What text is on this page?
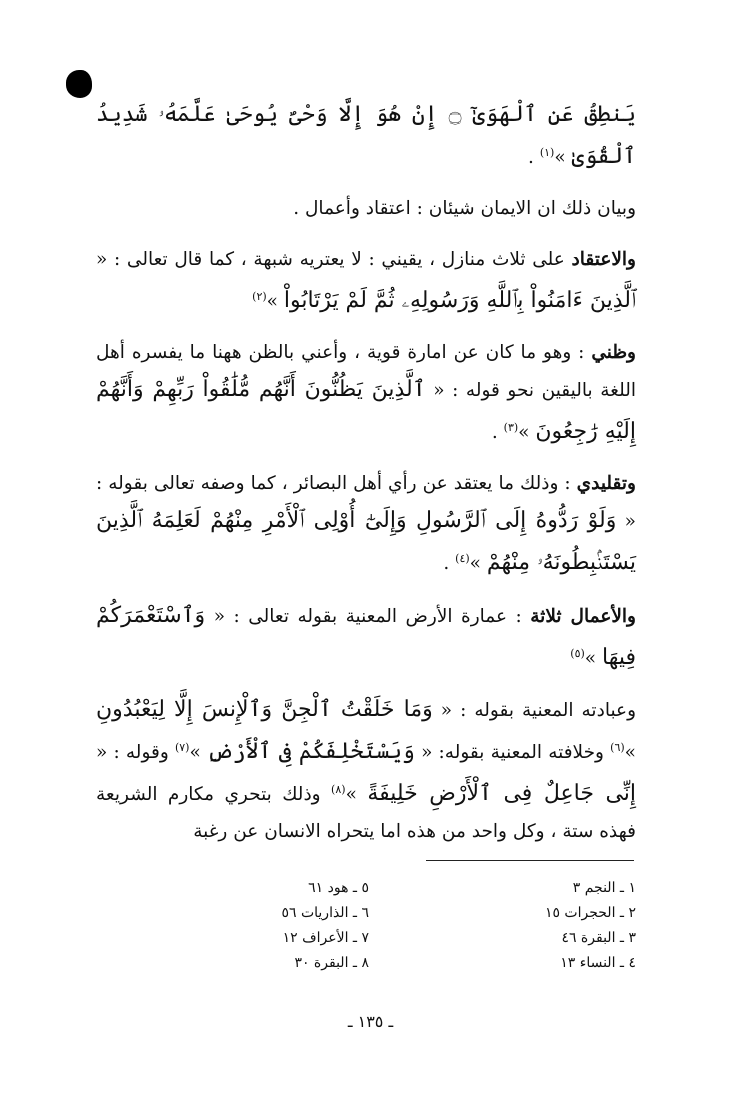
يَنطِقُ عَنِ ٱلْهَوَىٰٓ ۝ إِنْ هُوَ إِلَّا وَحْىٌ يُوحَىٰ عَلَّمَهُۥ شَدِيدُ ٱلْقُوَىٰ »$^{(١)}$ .

وبيان ذلك ان الايمان شيئان : اعتقاد وأعمال .

والاعتقاد على ثلاث منازل ، يقيني : لا يعتريه شبهة ، كما قال تعالى : « ٱلَّذِينَ ءَامَنُواْ بِٱللَّهِ وَرَسُولِهِۦ ثُمَّ لَمْ يَرْتَابُواْ »$^{(٢)}$

وظني : وهو ما كان عن امارة قوية ، وأعني بالظن ههنا ما يفسره أهل اللغة باليقين نحو قوله : « ٱلَّذِينَ يَظُنُّونَ أَنَّهُم مُّلَٰقُواْ رَبِّهِمْ وَأَنَّهُمْ إِلَيْهِ رَٰجِعُونَ »$^{(٣)}$ .

وتقليدي : وذلك ما يعتقد عن رأي أهل البصائر ، كما وصفه تعالى بقوله : « وَلَوْ رَدُّوهُ إِلَى ٱلرَّسُولِ وَإِلَىٰٓ أُوْلِى ٱلْأَمْرِ مِنْهُمْ لَعَلِمَهُ ٱلَّذِينَ يَسْتَنۢبِطُونَهُۥ مِنْهُمْ »$^{(٤)}$ .

والأعمال ثلاثة : عمارة الأرض المعنية بقوله تعالى : « وَٱسْتَعْمَرَكُمْ فِيهَا »$^{(٥)}$

وعبادته المعنية بقوله : « وَمَا خَلَقْتُ ٱلْجِنَّ وَٱلْإِنسَ إِلَّا لِيَعْبُدُونِ »$^{(٦)}$ وخلافته المعنية بقوله: « وَيَسْتَخْلِفَكُمْ فِى ٱلْأَرْضِ »$^{(٧)}$ وقوله : « إِنِّى جَاعِلٌ فِى ٱلْأَرْضِ خَلِيفَةً »$^{(٨)}$ وذلك بتحري مكارم الشريعة فهذه ستة ، وكل واحد من هذه اما يتحراه الانسان عن رغبة

١ ـ النجم ٣
٥ ـ هود ٦١
٢ ـ الحجرات ١٥
٦ ـ الذاريات ٥٦
٣ ـ البقرة ٤٦
٧ ـ الأعراف ١٢
٤ ـ النساء ١٣
٨ ـ البقرة ٣٠
ـ ١٣٥ ـ
